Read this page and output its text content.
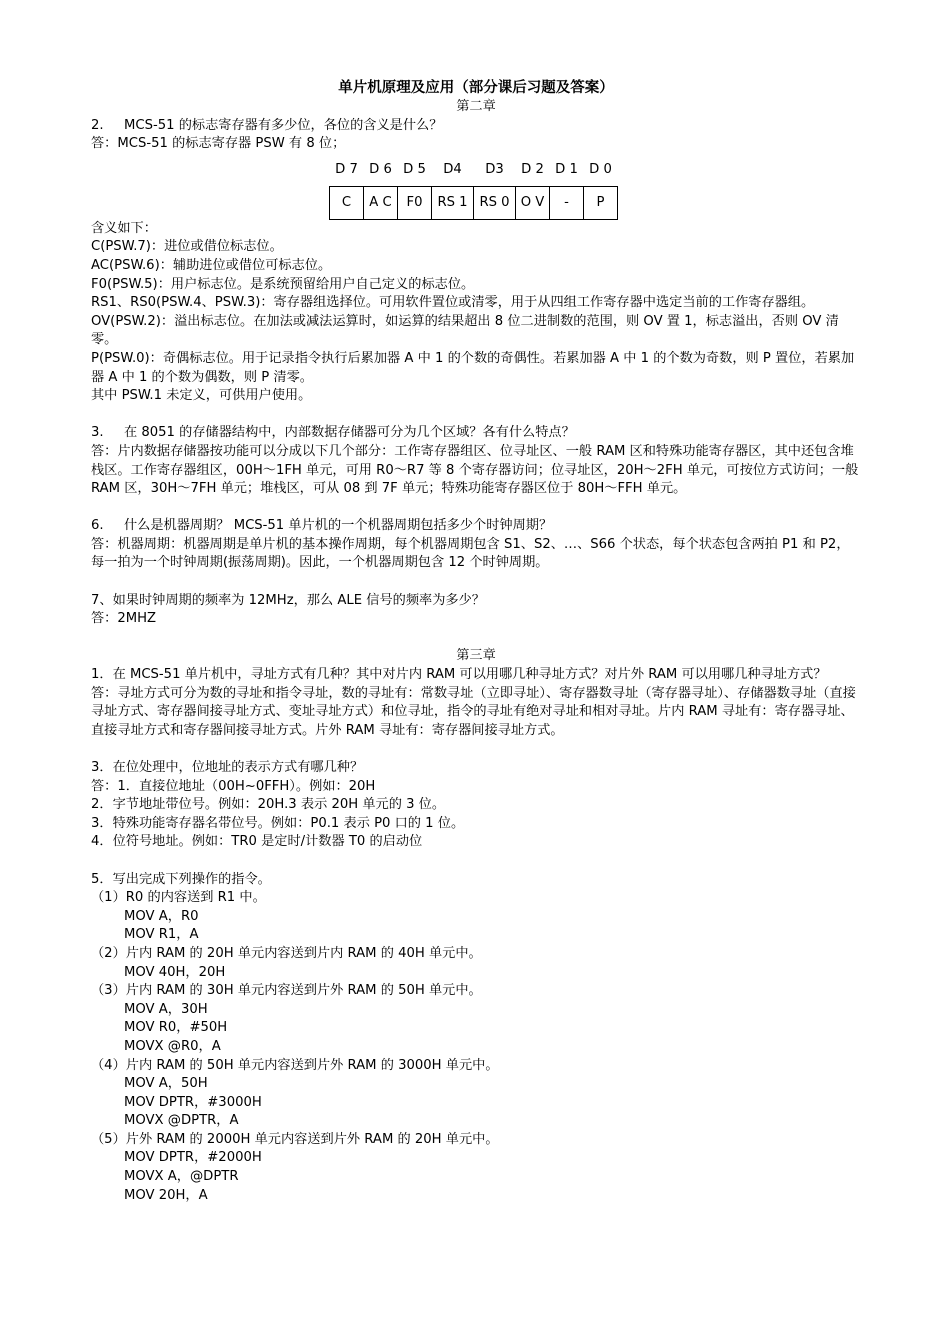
单片机原理及应用（部分课后习题及答案）

第二章

2. MCS-51 的标志寄存器有多少位，各位的含义是什么？

答：MCS-51 的标志寄存器 PSW 有 8 位；

D 7	D 6	D 5	D4	D3	D 2	D 1	D 0
C	A C	F0	RS 1	RS 0	O V	-	P

含义如下：

C(PSW.7)：进位或借位标志位。

AC(PSW.6)：辅助进位或借位可标志位。

F0(PSW.5)：用户标志位。是系统预留给用户自己定义的标志位。

RS1、RS0(PSW.4、PSW.3)：寄存器组选择位。可用软件置位或清零，用于从四组工作寄存器中选定当前的工作寄存器组。

OV(PSW.2)：溢出标志位。在加法或减法运算时，如运算的结果超出 8 位二进制数的范围，则 OV 置 1，标志溢出，否则 OV 清零。

P(PSW.0)：奇偶标志位。用于记录指令执行后累加器 A 中 1 的个数的奇偶性。若累加器 A 中 1 的个数为奇数，则 P 置位，若累加器 A 中 1 的个数为偶数，则 P 清零。

其中 PSW.1 未定义，可供用户使用。

3. 在 8051 的存储器结构中，内部数据存储器可分为几个区域？各有什么特点？

答：片内数据存储器按功能可以分成以下几个部分：工作寄存器组区、位寻址区、一般 RAM 区和特殊功能寄存器区，其中还包含堆栈区。工作寄存器组区，00H～1FH 单元，可用 R0～R7 等 8 个寄存器访问；位寻址区，20H～2FH 单元，可按位方式访问；一般 RAM 区，30H～7FH 单元；堆栈区，可从 08 到 7F 单元；特殊功能寄存器区位于 80H～FFH 单元。

6. 什么是机器周期？ MCS-51 单片机的一个机器周期包括多少个时钟周期？

答：机器周期：机器周期是单片机的基本操作周期，每个机器周期包含 S1、S2、…、S66 个状态，每个状态包含两拍 P1 和 P2，每一拍为一个时钟周期(振荡周期)。因此，一个机器周期包含 12 个时钟周期。

7、如果时钟周期的频率为 12MHz，那么 ALE 信号的频率为多少？

答：2MHZ

第三章

1．在 MCS-51 单片机中，寻址方式有几种？其中对片内 RAM 可以用哪几种寻址方式？对片外 RAM 可以用哪几种寻址方式？

答：寻址方式可分为数的寻址和指令寻址，数的寻址有：常数寻址（立即寻址）、寄存器数寻址（寄存器寻址）、存储器数寻址（直接寻址方式、寄存器间接寻址方式、变址寻址方式）和位寻址，指令的寻址有绝对寻址和相对寻址。片内 RAM 寻址有：寄存器寻址、直接寻址方式和寄存器间接寻址方式。片外 RAM 寻址有：寄存器间接寻址方式。

3．在位处理中，位地址的表示方式有哪几种？

答：1．直接位地址（00H~0FFH）。例如：20H

2．字节地址带位号。例如：20H.3 表示 20H 单元的 3 位。

3．特殊功能寄存器名带位号。例如：P0.1 表示 P0 口的 1 位。

4．位符号地址。例如：TR0 是定时/计数器 T0 的启动位

5．写出完成下列操作的指令。

（1）R0 的内容送到 R1 中。

MOV A，R0

MOV R1，A

（2）片内 RAM 的 20H 单元内容送到片内 RAM 的 40H 单元中。

MOV 40H，20H

（3）片内 RAM 的 30H 单元内容送到片外 RAM 的 50H 单元中。

MOV A，30H

MOV R0，#50H

MOVX @R0，A

（4）片内 RAM 的 50H 单元内容送到片外 RAM 的 3000H 单元中。

MOV A，50H

MOV DPTR，#3000H

MOVX @DPTR，A

（5）片外 RAM 的 2000H 单元内容送到片外 RAM 的 20H 单元中。

MOV DPTR，#2000H

MOVX A，@DPTR

MOV 20H，A
